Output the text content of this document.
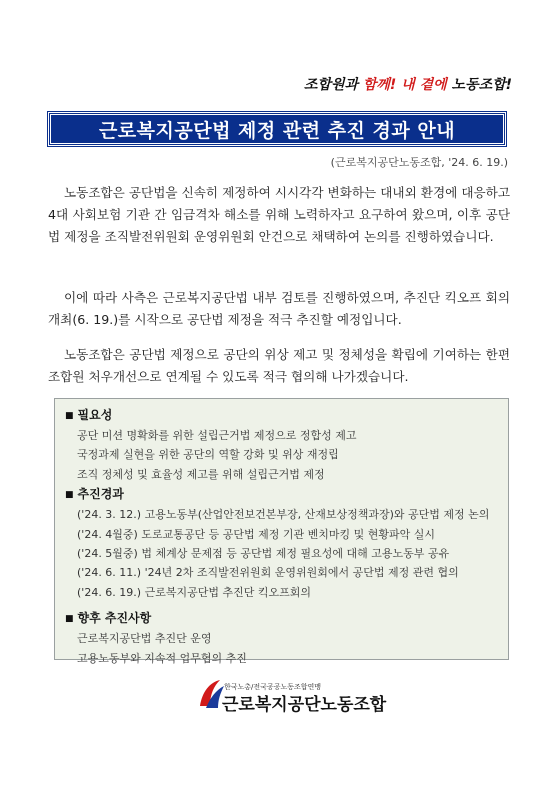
조합원과 함께! 내 곁에 노동조합!
근로복지공단법 제정 관련 추진 경과 안내
(근로복지공단노동조합, '24. 6. 19.)
노동조합은 공단법을 신속히 제정하여 시시각각 변화하는 대내외 환경에 대응하고 4대 사회보험 기관 간 임금격차 해소를 위해 노력하자고 요구하여 왔으며, 이후 공단법 제정을 조직발전위원회 운영위원회 안건으로 채택하여 논의를 진행하였습니다.
이에 따라 사측은 근로복지공단법 내부 검토를 진행하였으며, 추진단 킥오프 회의 개최(6. 19.)를 시작으로 공단법 제정을 적극 추진할 예정입니다.
노동조합은 공단법 제정으로 공단의 위상 제고 및 정체성을 확립에 기여하는 한편 조합원 처우개선으로 연계될 수 있도록 적극 협의해 나가겠습니다.
■ 필요성
공단 미션 명확화를 위한 설립근거법 제정으로 정합성 제고
국정과제 실현을 위한 공단의 역할 강화 및 위상 재정립
조직 정체성 및 효율성 제고를 위해 설립근거법 제정
■ 추진경과
('24. 3. 12.) 고용노동부(산업안전보건본부장, 산재보상정책과장)와 공단법 제정 논의
('24. 4월중) 도로교통공단 등 공단법 제정 기관 벤치마킹 및 현황파악 실시
('24. 5월중) 법 체계상 문제점 등 공단법 제정 필요성에 대해 고용노동부 공유
('24. 6. 11.) '24년 2차 조직발전위원회 운영위원회에서 공단법 제정 관련 협의
('24. 6. 19.) 근로복지공단법 추진단 킥오프회의
■ 향후 추진사항
근로복지공단법 추진단 운영
고용노동부와 지속적 업무협의 추진
한국노총/전국공공노동조합연맹
근로복지공단노동조합
